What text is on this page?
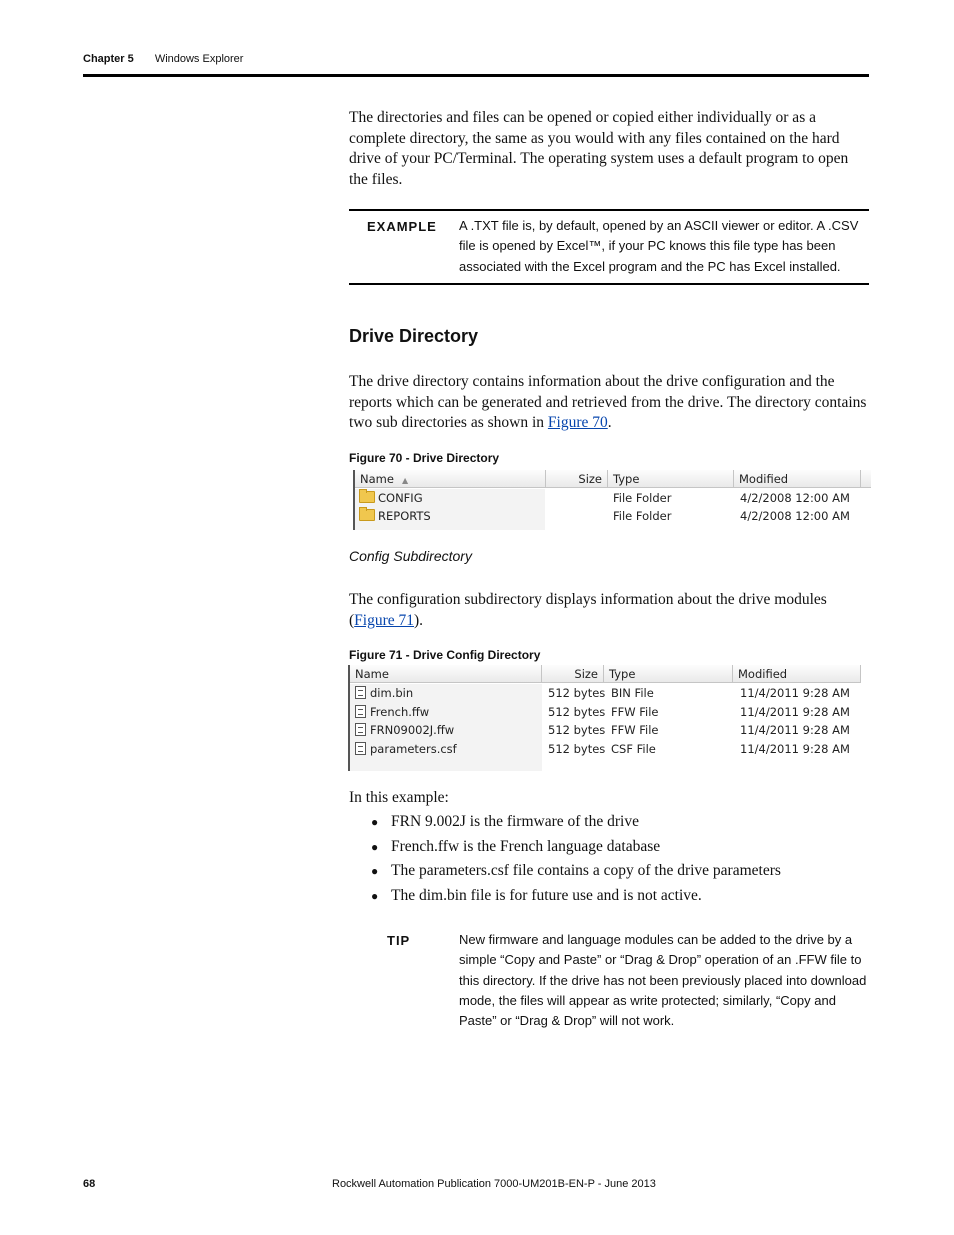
Chapter 5 Windows Explorer
The directories and files can be opened or copied either individually or as a complete directory, the same as you would with any files contained on the hard drive of your PC/Terminal. The operating system uses a default program to open the files.
EXAMPLE A .TXT file is, by default, opened by an ASCII viewer or editor. A .CSV file is opened by Excel™, if your PC knows this file type has been associated with the Excel program and the PC has Excel installed.
Drive Directory
The drive directory contains information about the drive configuration and the reports which can be generated and retrieved from the drive. The directory contains two sub directories as shown in Figure 70.
Figure 70 - Drive Directory
Name ▲	Size Type	Modified
CONFIG	File Folder	4/2/2008 12:00 AM
REPORTS	File Folder	4/2/2008 12:00 AM
Config Subdirectory
The configuration subdirectory displays information about the drive modules (Figure 71).
Figure 71 - Drive Config Directory
Name	Size Type	Modified
dim.bin	512 bytes BIN File	11/4/2011 9:28 AM
French.ffw	512 bytes FFW File	11/4/2011 9:28 AM
FRN09002J.ffw	512 bytes FFW File	11/4/2011 9:28 AM
parameters.csf	512 bytes CSF File	11/4/2011 9:28 AM
In this example:
● FRN 9.002J is the firmware of the drive
● French.ffw is the French language database
● The parameters.csf file contains a copy of the drive parameters
● The dim.bin file is for future use and is not active.
TIP	New firmware and language modules can be added to the drive by a simple “Copy and Paste” or “Drag & Drop” operation of an .FFW file to this directory. If the drive has not been previously placed into download mode, the files will appear as write protected; similarly, “Copy and Paste” or “Drag & Drop” will not work.
68	Rockwell Automation Publication 7000-UM201B-EN-P - June 2013
